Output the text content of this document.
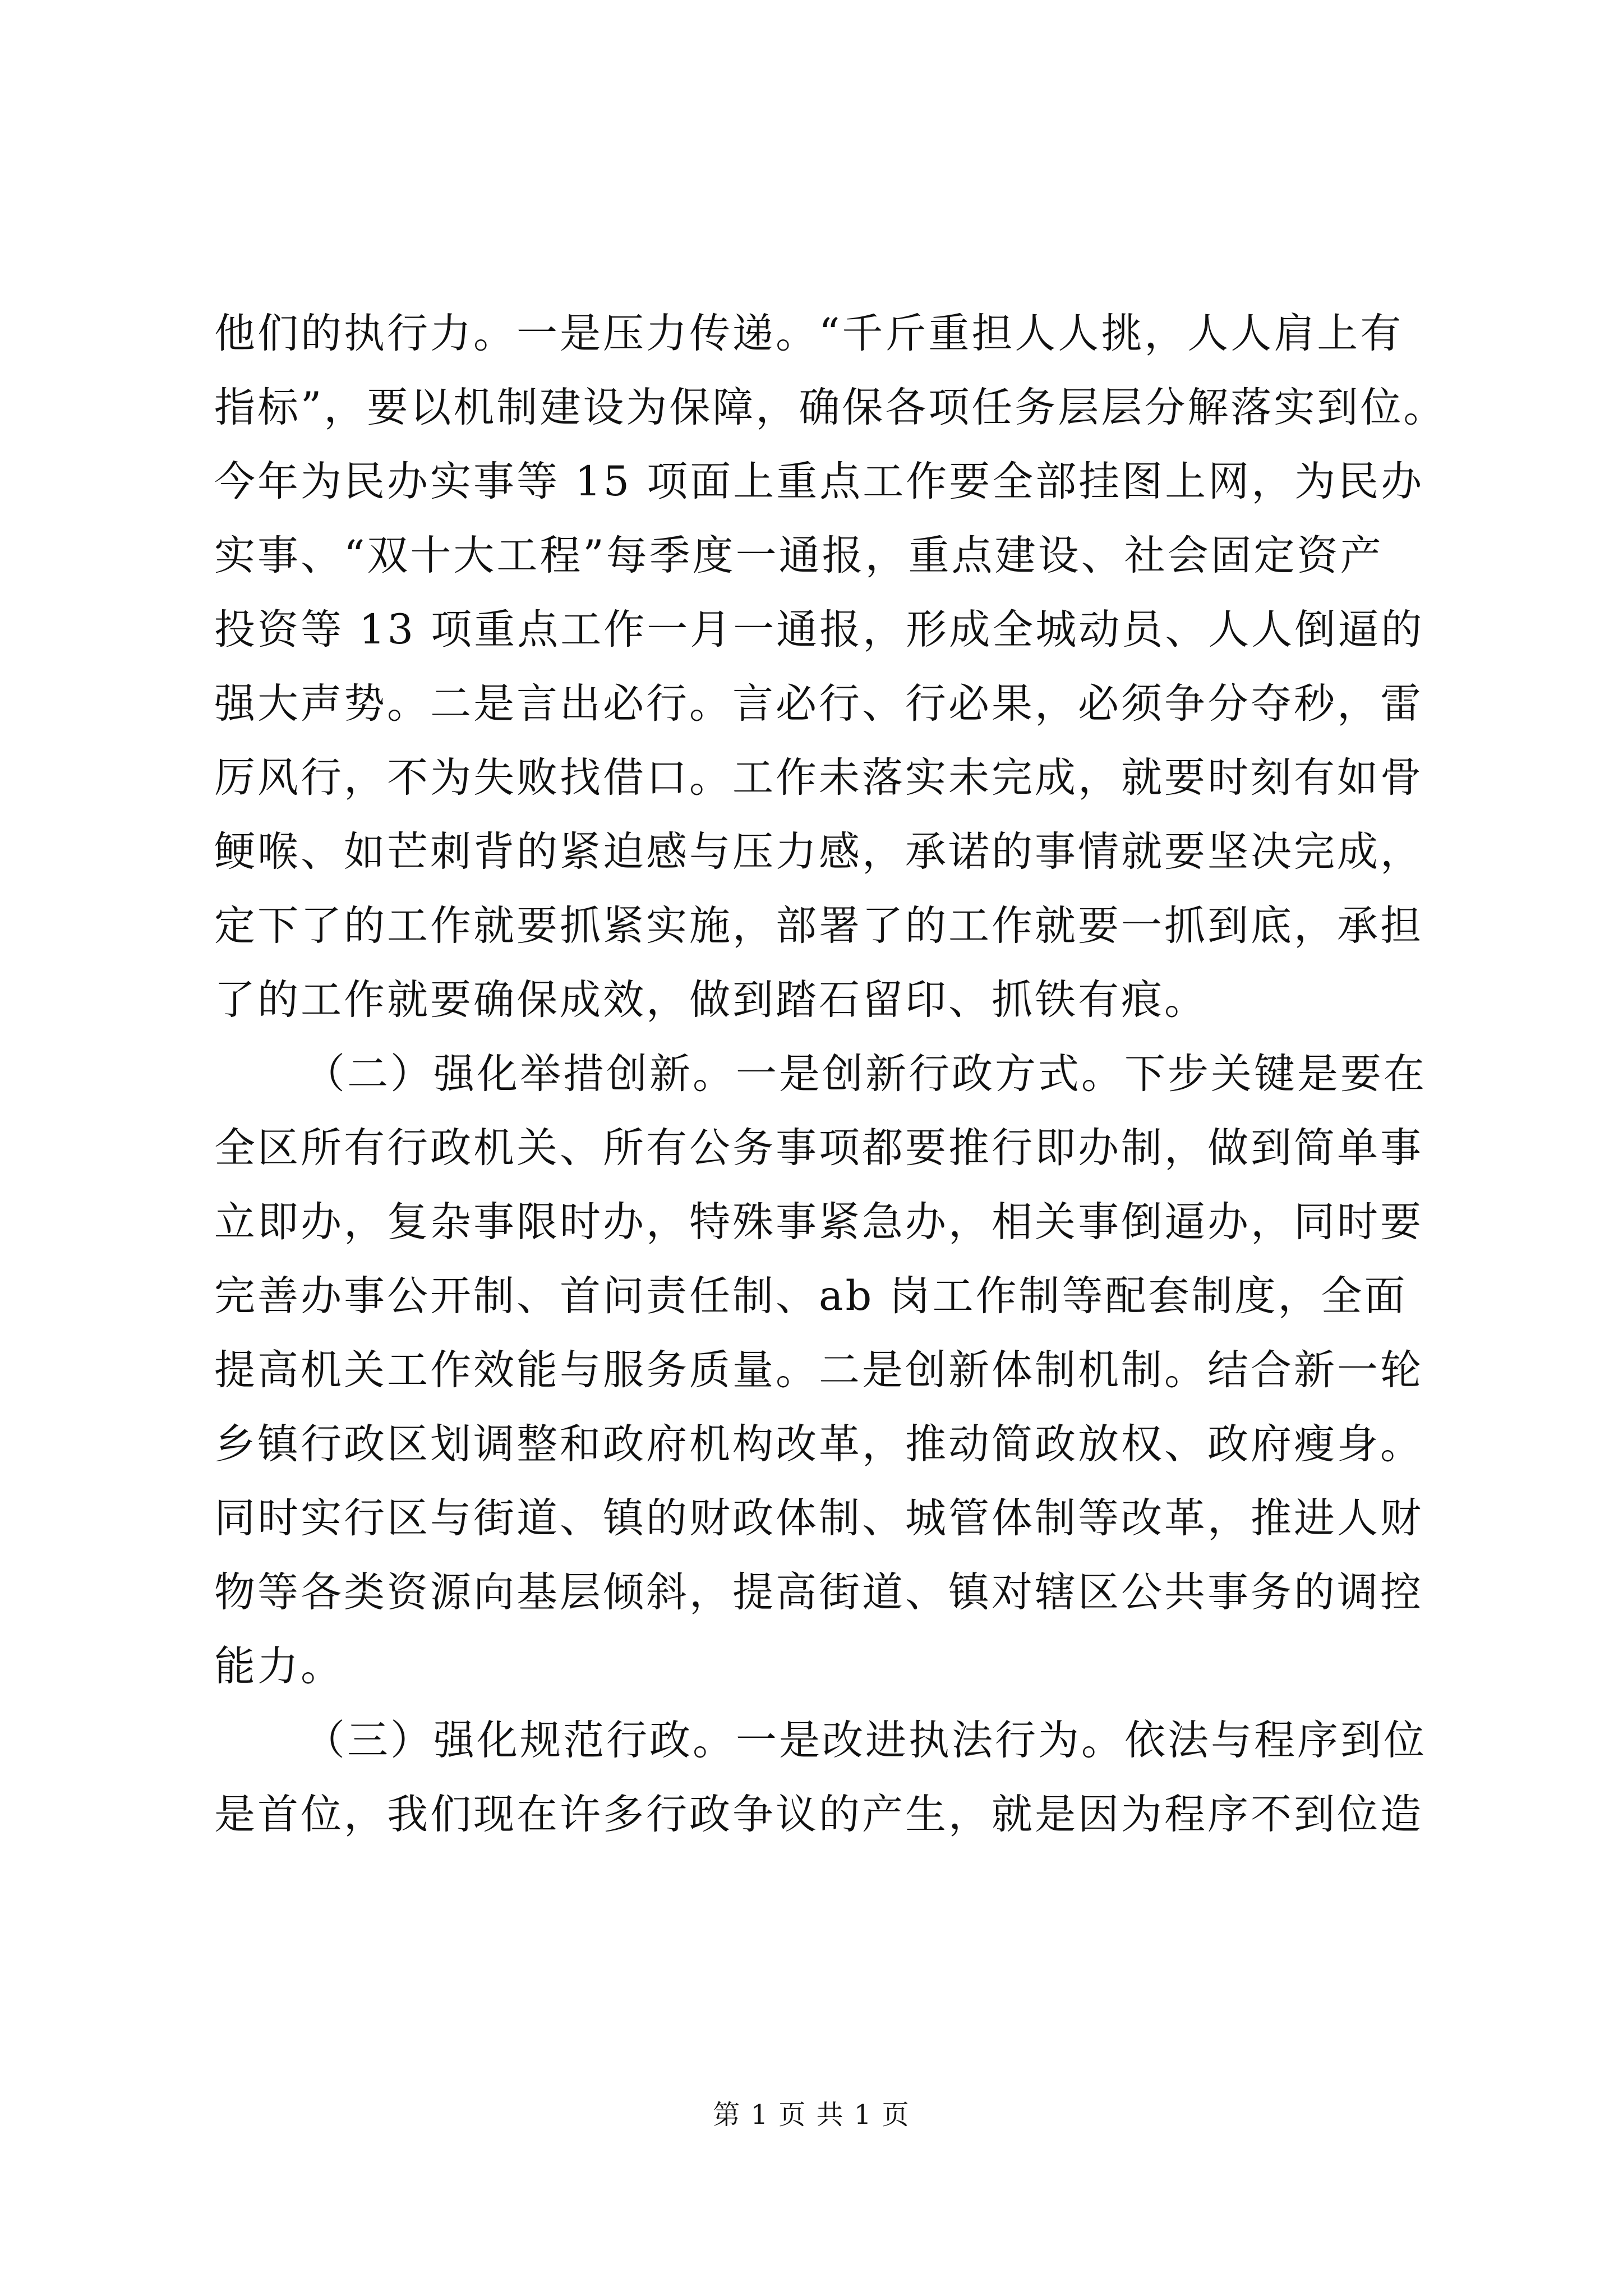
他们的执行力。一是压力传递。“千斤重担人人挑，人人肩上有
指标”，要以机制建设为保障，确保各项任务层层分解落实到位。
今年为民办实事等 15 项面上重点工作要全部挂图上网，为民办
实事、“双十大工程”每季度一通报，重点建设、社会固定资产
投资等 13 项重点工作一月一通报，形成全城动员、人人倒逼的
强大声势。二是言出必行。言必行、行必果，必须争分夺秒，雷
厉风行，不为失败找借口。工作未落实未完成，就要时刻有如骨
鲠喉、如芒刺背的紧迫感与压力感，承诺的事情就要坚决完成，
定下了的工作就要抓紧实施，部署了的工作就要一抓到底，承担
了的工作就要确保成效，做到踏石留印、抓铁有痕。
（二）强化举措创新。一是创新行政方式。下步关键是要在
全区所有行政机关、所有公务事项都要推行即办制，做到简单事
立即办，复杂事限时办，特殊事紧急办，相关事倒逼办，同时要
完善办事公开制、首问责任制、ab 岗工作制等配套制度，全面
提高机关工作效能与服务质量。二是创新体制机制。结合新一轮
乡镇行政区划调整和政府机构改革，推动简政放权、政府瘦身。
同时实行区与街道、镇的财政体制、城管体制等改革，推进人财
物等各类资源向基层倾斜，提高街道、镇对辖区公共事务的调控
能力。
（三）强化规范行政。一是改进执法行为。依法与程序到位
是首位，我们现在许多行政争议的产生，就是因为程序不到位造
第 1 页 共 1 页
